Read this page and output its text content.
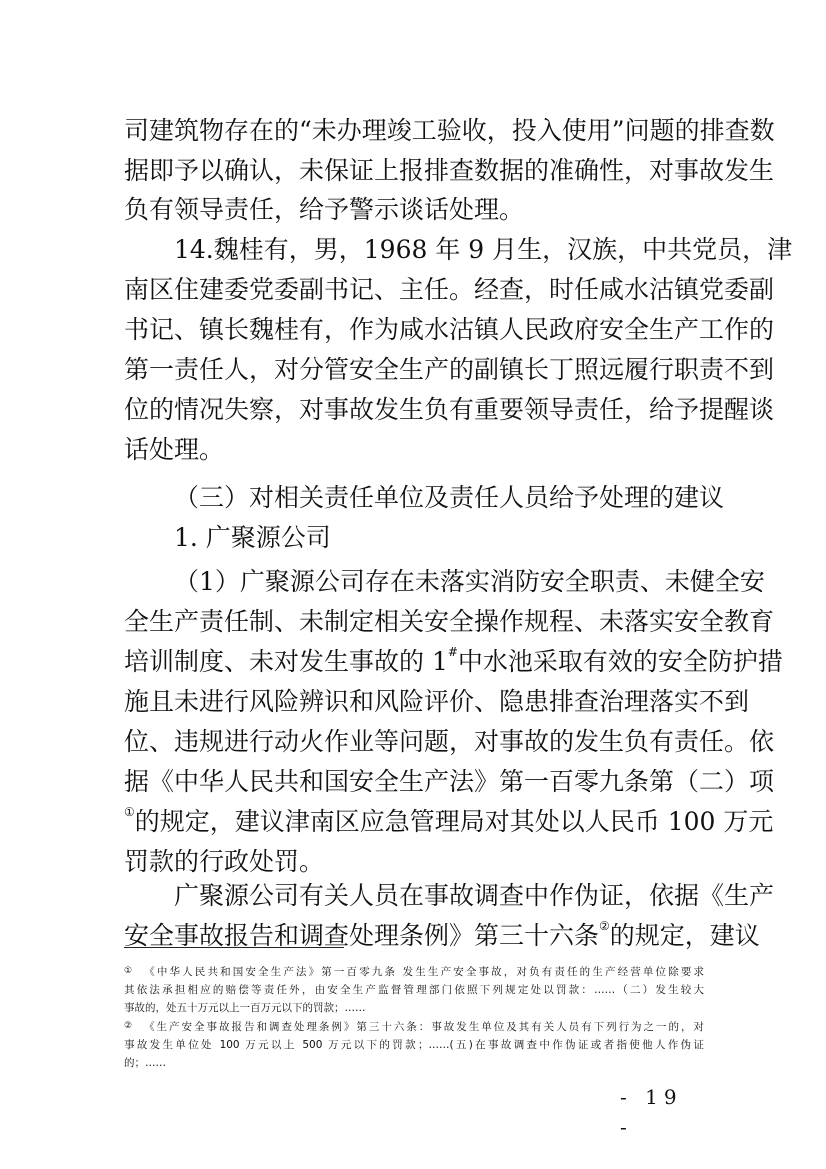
司建筑物存在的“未办理竣工验收，投入使用”问题的排查数
据即予以确认，未保证上报排查数据的准确性，对事故发生
负有领导责任，给予警示谈话处理。
14.魏桂有，男，1968 年 9 月生，汉族，中共党员，津
南区住建委党委副书记、主任。经查，时任咸水沽镇党委副
书记、镇长魏桂有，作为咸水沽镇人民政府安全生产工作的
第一责任人，对分管安全生产的副镇长丁照远履行职责不到
位的情况失察，对事故发生负有重要领导责任，给予提醒谈
话处理。
（三）对相关责任单位及责任人员给予处理的建议
1. 广聚源公司
（1）广聚源公司存在未落实消防安全职责、未健全安
全生产责任制、未制定相关安全操作规程、未落实安全教育
培训制度、未对发生事故的 1#中水池采取有效的安全防护措
施且未进行风险辨识和风险评价、隐患排查治理落实不到
位、违规进行动火作业等问题，对事故的发生负有责任。依
据《中华人民共和国安全生产法》第一百零九条第（二）项
①的规定，建议津南区应急管理局对其处以人民币 100 万元
罚款的行政处罚。
广聚源公司有关人员在事故调查中作伪证，依据《生产
安全事故报告和调查处理条例》第三十六条②的规定，建议
① 《中华人民共和国安全生产法》第一百零九条 发生生产安全事故，对负有责任的生产经营单位除要求
其依法承担相应的赔偿等责任外，由安全生产监督管理部门依照下列规定处以罚款：……（二）发生较大
事故的，处五十万元以上一百万元以下的罚款；……
② 《生产安全事故报告和调查处理条例》第三十六条：事故发生单位及其有关人员有下列行为之一的，对
事故发生单位处 100 万元以上 500 万元以下的罚款；……(五)在事故调查中作伪证或者指使他人作伪证
的；……
- 19 -
